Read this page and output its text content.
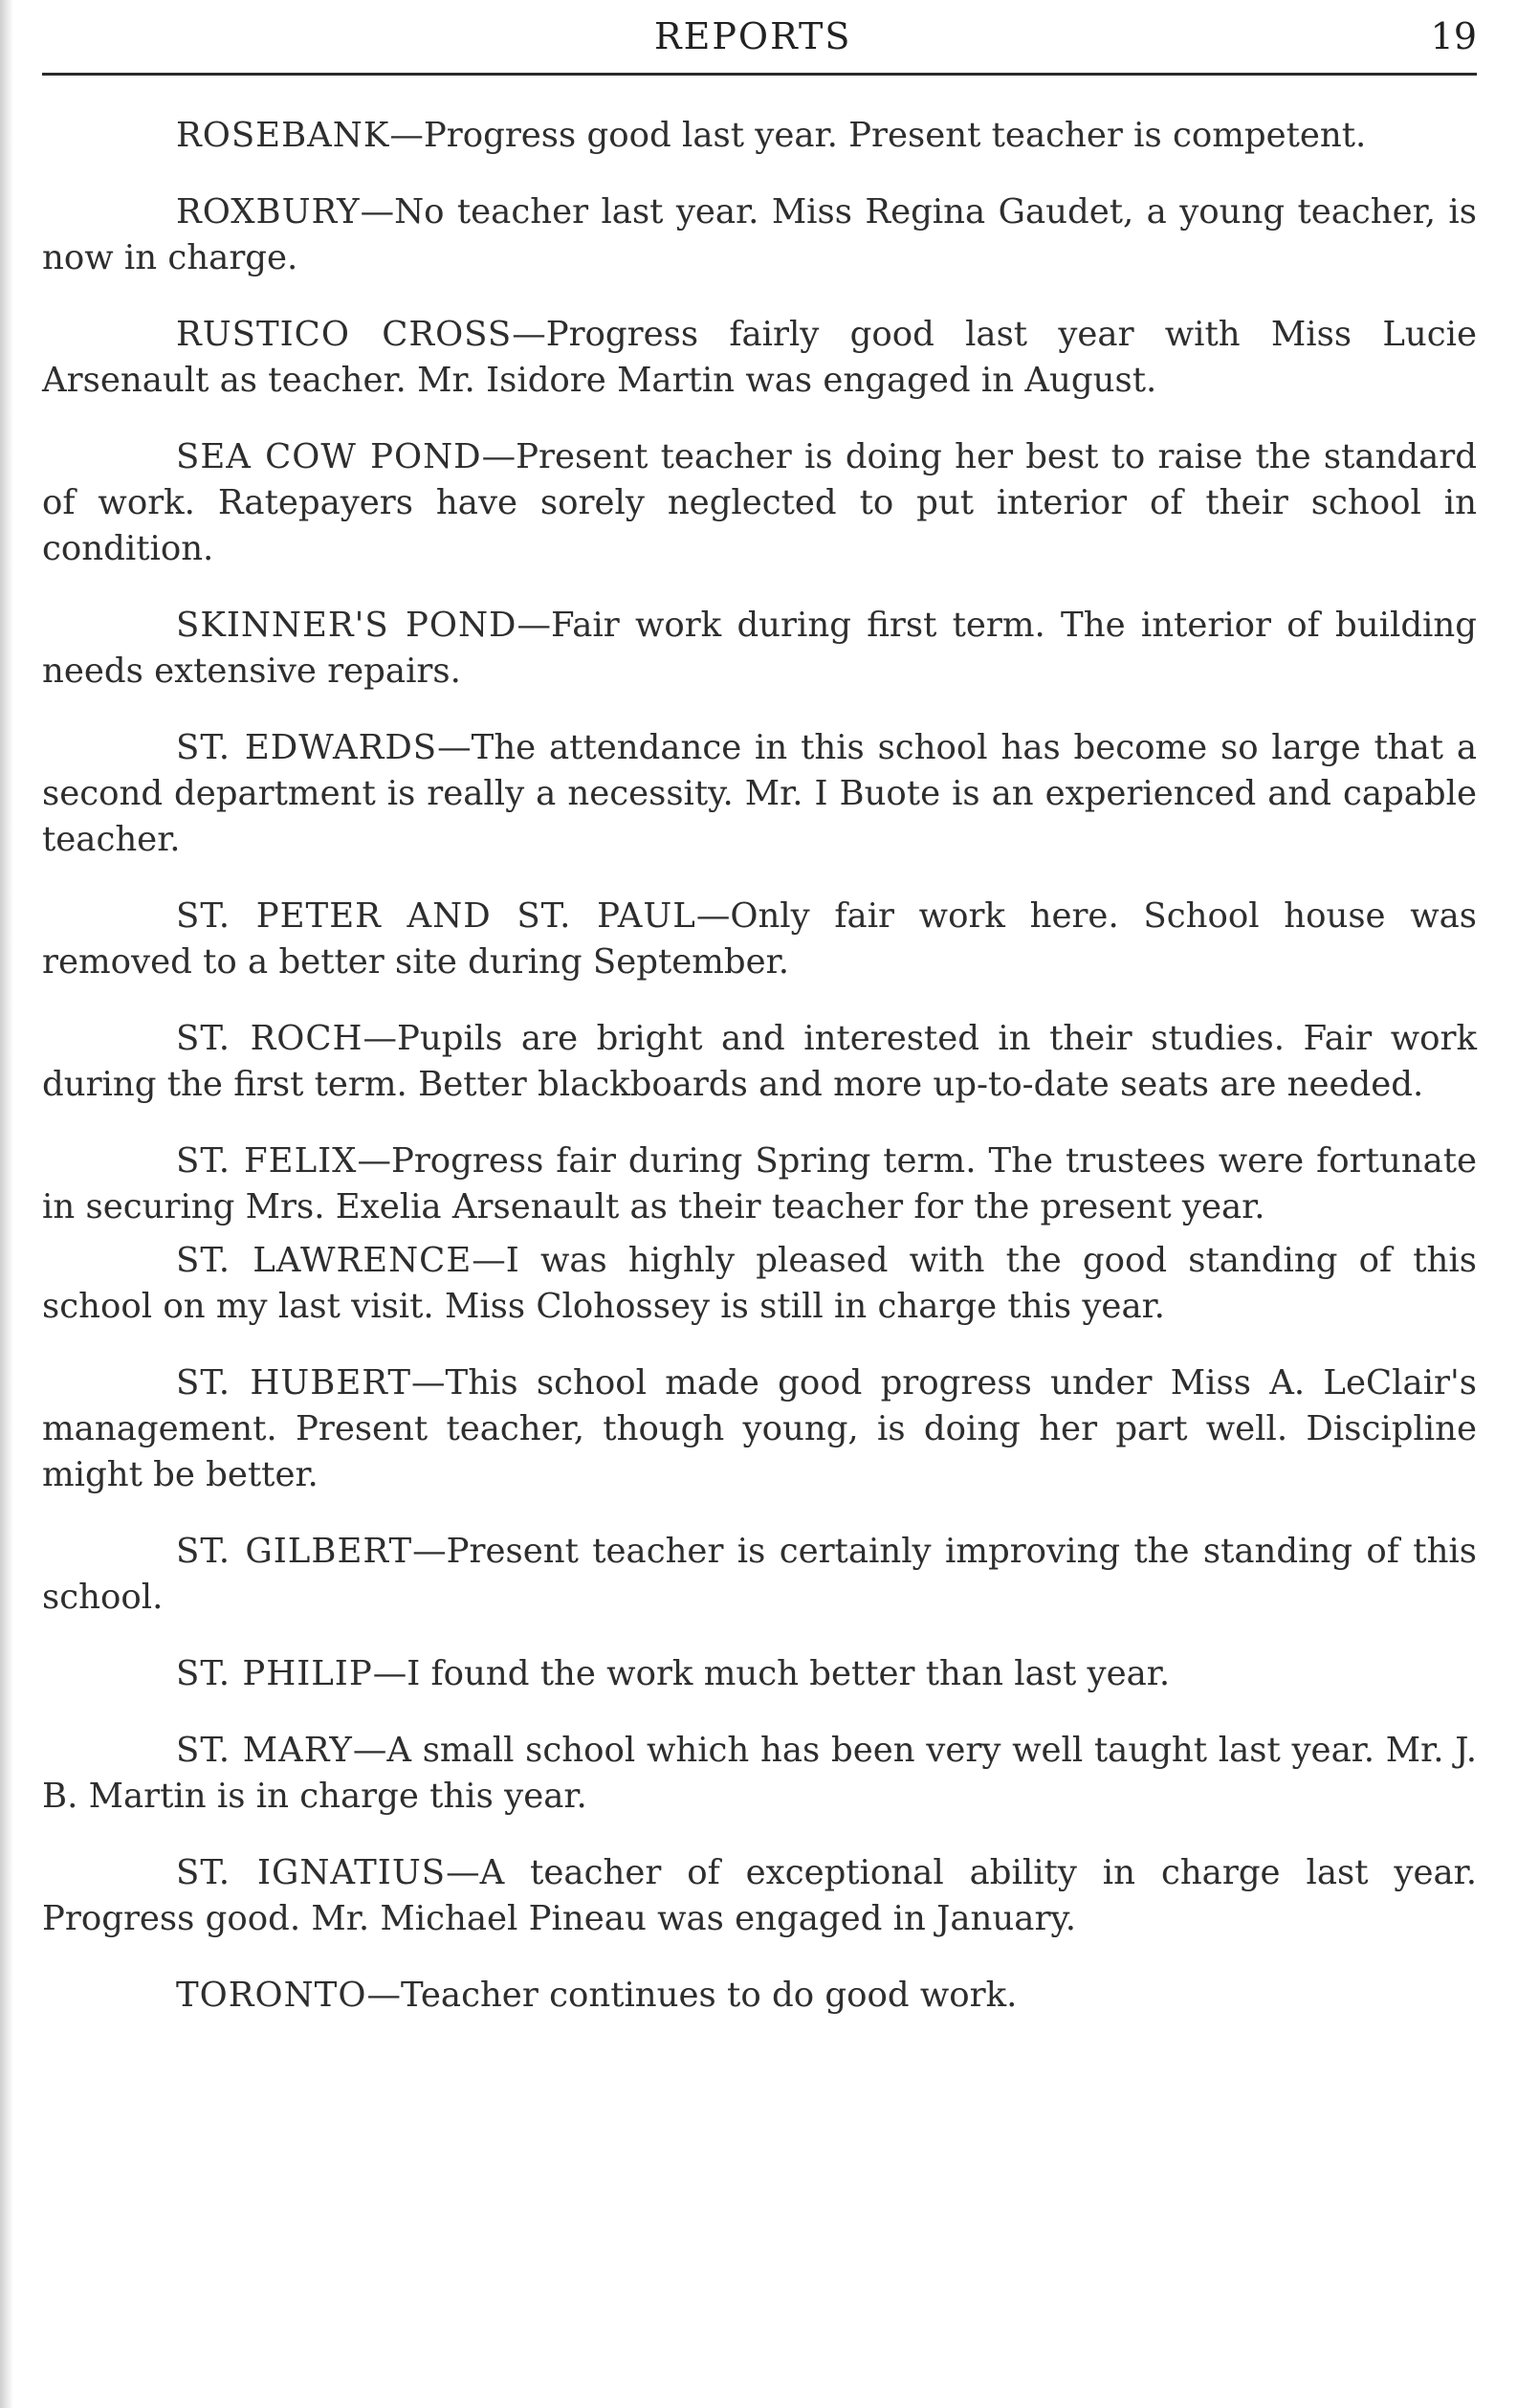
REPORTS	19

ROSEBANK—Progress good last year. Present teacher is competent.

ROXBURY—No teacher last year. Miss Regina Gaudet, a young teacher, is now in charge.

RUSTICO CROSS—Progress fairly good last year with Miss Lucie Arsenault as teacher. Mr. Isidore Martin was engaged in August.

SEA COW POND—Present teacher is doing her best to raise the standard of work. Ratepayers have sorely neglected to put interior of their school in condition.

SKINNER'S POND—Fair work during first term. The interior of building needs extensive repairs.

ST. EDWARDS—The attendance in this school has become so large that a second department is really a necessity. Mr. I Buote is an experienced and capable teacher.

ST. PETER AND ST. PAUL—Only fair work here. School house was removed to a better site during September.

ST. ROCH—Pupils are bright and interested in their studies. Fair work during the first term. Better blackboards and more up-to-date seats are needed.

ST. FELIX—Progress fair during Spring term. The trustees were fortunate in securing Mrs. Exelia Arsenault as their teacher for the present year.

ST. LAWRENCE—I was highly pleased with the good standing of this school on my last visit. Miss Clohossey is still in charge this year.

ST. HUBERT—This school made good progress under Miss A. LeClair's management. Present teacher, though young, is doing her part well. Discipline might be better.

ST. GILBERT—Present teacher is certainly improving the standing of this school.

ST. PHILIP—I found the work much better than last year.

ST. MARY—A small school which has been very well taught last year. Mr. J. B. Martin is in charge this year.

ST. IGNATIUS—A teacher of exceptional ability in charge last year. Progress good. Mr. Michael Pineau was engaged in January.

TORONTO—Teacher continues to do good work.
